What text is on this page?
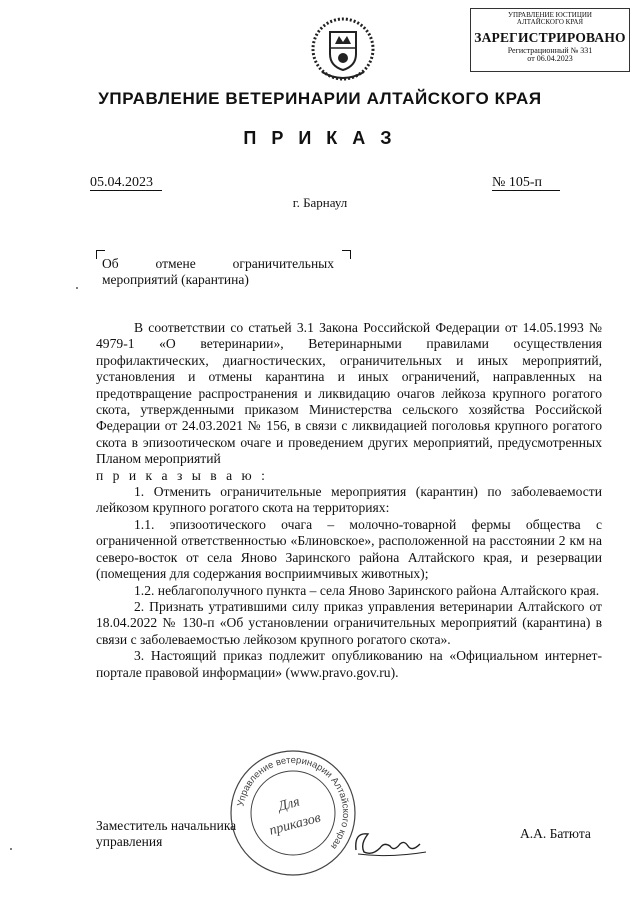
УПРАВЛЕНИЕ ЮСТИЦИИ
АЛТАЙСКОГО КРАЯ
ЗАРЕГИСТРИРОВАНО
Регистрационный № 331
от 06.04.2023
УПРАВЛЕНИЕ ВЕТЕРИНАРИИ АЛТАЙСКОГО КРАЯ
П Р И К А З
05.04.2023	№ 105-п
г. Барнаул
Об	отмене	ограничительных
мероприятий (карантина)

В соответствии со статьей 3.1 Закона Российской Федерации от 14.05.1993 № 4979-1 «О ветеринарии», Ветеринарными правилами осуществления профилактических, диагностических, ограничительных и иных мероприятий, установления и отмены карантина и иных ограничений, направленных на предотвращение распространения и ликвидацию очагов лейкоза крупного рогатого скота, утвержденными приказом Министерства сельского хозяйства Российской Федерации от 24.03.2021 № 156, в связи с ликвидацией поголовья крупного рогатого скота в эпизоотическом очаге и проведением других мероприятий, предусмотренных Планом мероприятий

п р и к а з ы в а ю :

1. Отменить ограничительные мероприятия (карантин) по заболеваемости лейкозом крупного рогатого скота на территориях:

1.1. эпизоотического очага – молочно-товарной фермы общества с ограниченной ответственностью «Блиновское», расположенной на расстоянии 2 км на северо-восток от села Яново Заринского района Алтайского края, и резервации (помещения для содержания восприимчивых животных);

1.2. неблагополучного пункта – села Яново Заринского района Алтайского края.

2. Признать утратившими силу приказ управления ветеринарии Алтайского от 18.04.2022 № 130-п «Об установлении ограничительных мероприятий (карантина) в связи с заболеваемостью лейкозом крупного рогатого скота».

3. Настоящий приказ подлежит опубликованию на «Официальном интернет-портале правовой информации» (www.pravo.gov.ru).

Управление ветеринарии Алтайского края
Для
приказов
Заместитель начальника
управления
А.А. Батюта
